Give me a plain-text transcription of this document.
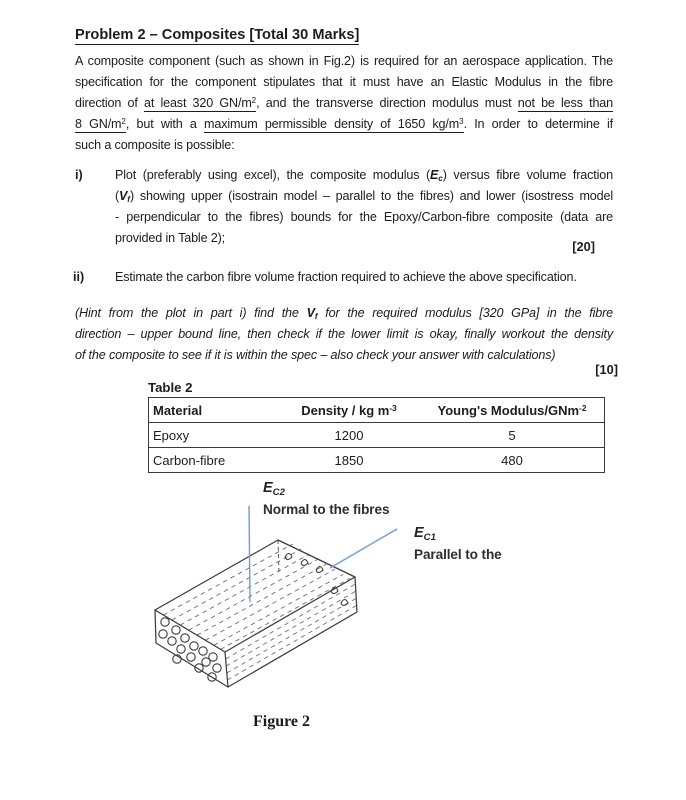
Problem 2 – Composites [Total 30 Marks]
A composite component (such as shown in Fig.2) is required for an aerospace application. The
specification for the component stipulates that it must have an Elastic Modulus in the fibre
direction of at least 320 $GN/m^2$, and the transverse direction modulus must not be less than
8 $GN/m^2$, but with a maximum permissible density of 1650 $kg/m^3$. In order to determine if
such a composite is possible:
i)	Plot (preferably using excel), the composite modulus (Ec) versus fibre volume fraction
(Vf) showing upper (isostrain model – parallel to the fibres) and lower (isostress model
- perpendicular to the fibres) bounds for the Epoxy/Carbon-fibre composite (data are
provided in Table 2);
[20]
ii) Estimate the carbon fibre volume fraction required to achieve the above specification.
(Hint from the plot in part i) find the Vf for the required modulus [320 GPa] in the fibre
direction – upper bound line, then check if the lower limit is okay, finally workout the density
of the composite to see if it is within the spec – also check your answer with calculations)
[10]
Table 2
Material	Density / kg $m^{-3}$	Young's Modulus/GNm$^{-2}$
Epoxy	1200	5
Carbon-fibre	1850	480
EC2
Normal to the fibres
EC1
Parallel to the
Figure 2
